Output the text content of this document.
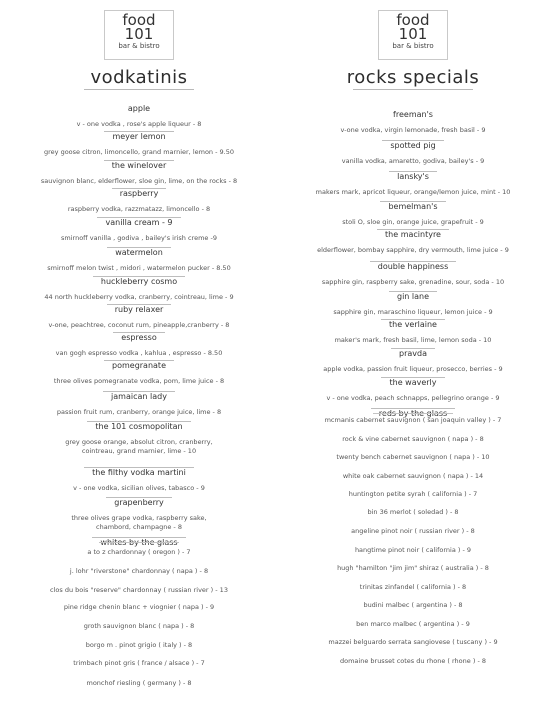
food
101
bar & bistro
vodkatinis
apple
v - one vodka , rose's apple liqueur - 8
meyer lemon
grey goose citron, limoncello, grand marnier, lemon - 9.50
the winelover
sauvignon blanc, elderflower, sloe gin, lime, on the rocks - 8
raspberry
raspberry vodka, razzmatazz, limoncello - 8
vanilla cream - 9
smirnoff vanilla , godiva , bailey's irish creme -9
watermelon
smirnoff melon twist , midori , watermelon pucker - 8.50
huckleberry cosmo
44 north huckleberry vodka, cranberry, cointreau, lime - 9
ruby relaxer
v-one, peachtree, coconut rum, pineapple,cranberry - 8
espresso
van gogh espresso vodka , kahlua , espresso - 8.50
pomegranate
three olives pomegranate vodka, pom, lime juice - 8
jamaican lady
passion fruit rum, cranberry, orange juice, lime - 8
the 101 cosmopolitan
grey goose orange, absolut citron, cranberry,
cointreau, grand marnier, lime - 10
the filthy vodka martini
v - one vodka, sicilian olives, tabasco - 9
grapenberry
three olives grape vodka, raspberry sake,
chambord, champagne - 8
a to z chardonnay ( oregon ) - 7
j. lohr "riverstone" chardonnay ( napa ) - 8
clos du bois "reserve" chardonnay ( russian river ) - 13
pine ridge chenin blanc + viognier ( napa ) - 9
groth sauvignon blanc ( napa ) - 8
borgo m . pinot grigio ( italy ) - 8
trimbach pinot gris ( france / alsace ) - 7
monchof riesling ( germany ) - 8
food
101
bar & bistro
rocks specials
freeman's
v-one vodka, virgin lemonade, fresh basil - 9
spotted pig
vanilla vodka, amaretto, godiva, bailey's - 9
lansky's
makers mark, apricot liqueur, orange/lemon juice, mint - 10
bemelman's
stoli O, sloe gin, orange juice, grapefruit - 9
the macintyre
elderflower, bombay sapphire, dry vermouth, lime juice - 9
double happiness
sapphire gin, raspberry sake, grenadine, sour, soda - 10
gin lane
sapphire gin, maraschino liqueur, lemon juice - 9
the verlaine
maker's mark, fresh basil, lime, lemon soda - 10
pravda
apple vodka, passion fruit liqueur, prosecco, berries - 9
the waverly
v - one vodka, peach schnapps, pellegrino orange - 9
mcmanis cabernet sauvignon ( san joaquin valley ) - 7
rock & vine cabernet sauvignon ( napa ) - 8
twenty bench cabernet sauvignon ( napa ) - 10
white oak cabernet sauvignon ( napa ) - 14
huntington petite syrah ( california ) - 7
bin 36 merlot ( soledad ) - 8
angeline pinot noir ( russian river ) - 8
hangtime pinot noir ( california ) - 9
hugh "hamilton "jim jim" shiraz ( australia ) - 8
trinitas zinfandel ( california ) - 8
budini malbec ( argentina ) - 8
ben marco malbec ( argentina ) - 9
mazzei belguardo serrata sangiovese ( tuscany ) - 9
domaine brusset cotes du rhone ( rhone ) - 8
